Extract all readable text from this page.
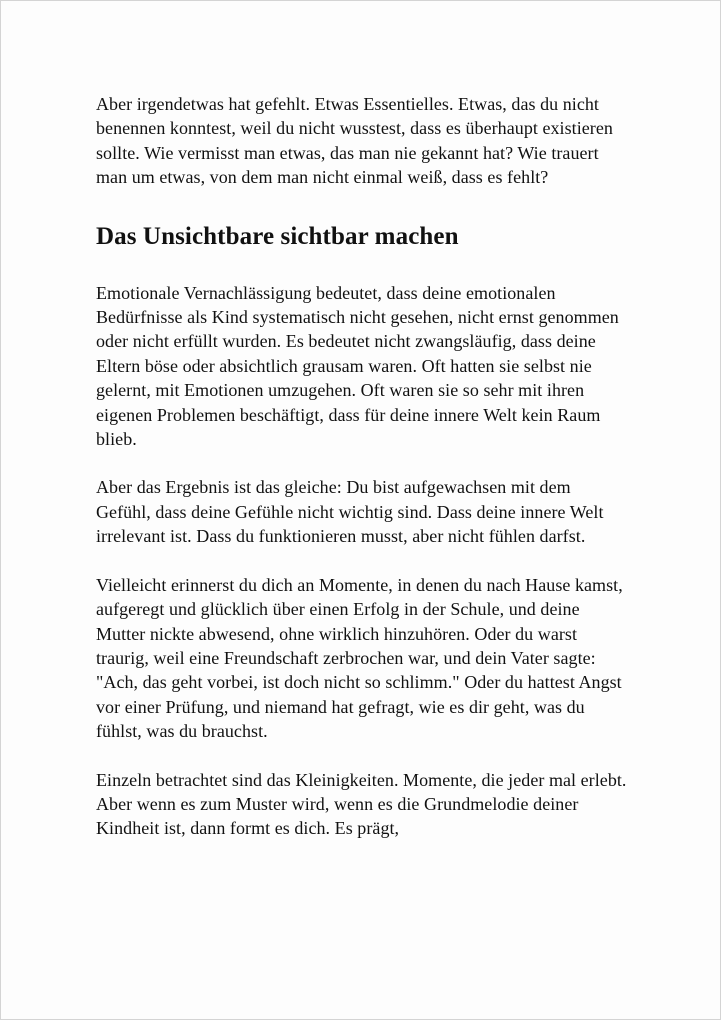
Aber irgendetwas hat gefehlt. Etwas Essentielles. Etwas, das du nicht benennen konntest, weil du nicht wusstest, dass es überhaupt existieren sollte. Wie vermisst man etwas, das man nie gekannt hat? Wie trauert man um etwas, von dem man nicht einmal weiß, dass es fehlt?

Das Unsichtbare sichtbar machen

Emotionale Vernachlässigung bedeutet, dass deine emotionalen Bedürfnisse als Kind systematisch nicht gesehen, nicht ernst genommen oder nicht erfüllt wurden. Es bedeutet nicht zwangsläufig, dass deine Eltern böse oder absichtlich grausam waren. Oft hatten sie selbst nie gelernt, mit Emotionen umzugehen. Oft waren sie so sehr mit ihren eigenen Problemen beschäftigt, dass für deine innere Welt kein Raum blieb.

Aber das Ergebnis ist das gleiche: Du bist aufgewachsen mit dem Gefühl, dass deine Gefühle nicht wichtig sind. Dass deine innere Welt irrelevant ist. Dass du funktionieren musst, aber nicht fühlen darfst.

Vielleicht erinnerst du dich an Momente, in denen du nach Hause kamst, aufgeregt und glücklich über einen Erfolg in der Schule, und deine Mutter nickte abwesend, ohne wirklich hinzuhören. Oder du warst traurig, weil eine Freundschaft zerbrochen war, und dein Vater sagte: "Ach, das geht vorbei, ist doch nicht so schlimm." Oder du hattest Angst vor einer Prüfung, und niemand hat gefragt, wie es dir geht, was du fühlst, was du brauchst.

Einzeln betrachtet sind das Kleinigkeiten. Momente, die jeder mal erlebt. Aber wenn es zum Muster wird, wenn es die Grundmelodie deiner Kindheit ist, dann formt es dich. Es prägt,
